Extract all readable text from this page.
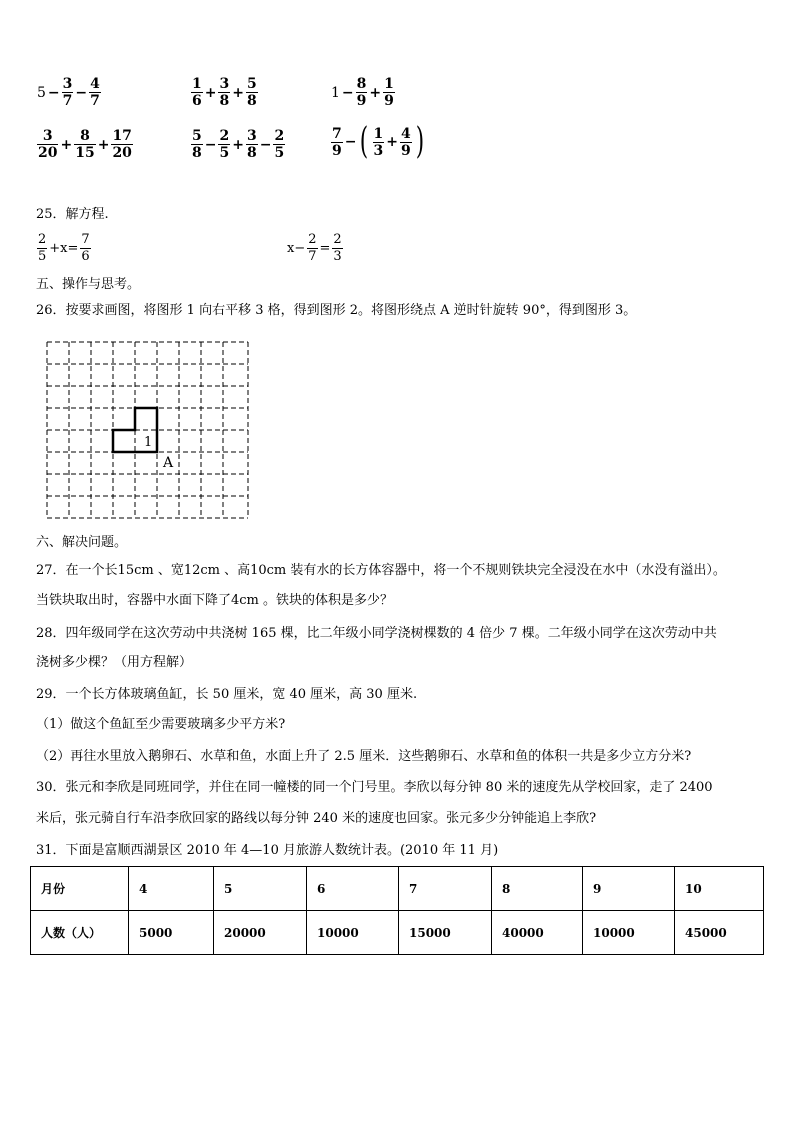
$5 - \frac{3}{7} - \frac{4}{7}$	$\frac{1}{6} + \frac{3}{8} + \frac{5}{8}$	$1 - \frac{8}{9} + \frac{1}{9}$
$\frac{3}{20} + \frac{8}{15} + \frac{17}{20}$	$\frac{5}{8} - \frac{2}{5} + \frac{3}{8} - \frac{2}{5}$	$\frac{7}{9}$ − ( $\frac{1}{3} + \frac{4}{9}$ )
25．解方程.
$\frac{2}{5} +x= \frac{7}{6}$	$x- \frac{2}{7} = \frac{2}{3}$
五、操作与思考。
26．按要求画图，将图形 1 向右平移 3 格，得到图形 2。将图形绕点 A 逆时针旋转 90°，得到图形 3。
1
A
六、解决问题。
27．在一个长15cm 、宽12cm 、高10cm 装有水的长方体容器中，将一个不规则铁块完全浸没在水中（水没有溢出）。
当铁块取出时，容器中水面下降了4cm 。铁块的体积是多少？
28．四年级同学在这次劳动中共浇树 165 棵，比二年级小同学浇树棵数的 4 倍少 7 棵。二年级小同学在这次劳动中共
浇树多少棵？（用方程解）
29．一个长方体玻璃鱼缸，长 50 厘米，宽 40 厘米，高 30 厘米.
（1）做这个鱼缸至少需要玻璃多少平方米?
（2）再往水里放入鹅卵石、水草和鱼，水面上升了 2.5 厘米．这些鹅卵石、水草和鱼的体积一共是多少立方分米?
30．张元和李欣是同班同学，并住在同一幢楼的同一个门号里。李欣以每分钟 80 米的速度先从学校回家，走了 2400
米后，张元骑自行车沿李欣回家的路线以每分钟 240 米的速度也回家。张元多少分钟能追上李欣?
31．下面是富顺西湖景区 2010 年 4—10 月旅游人数统计表。(2010 年 11 月)
月份	4	5	6	7	8	9	10
人数（人）	5000	20000	10000	15000	40000	10000	45000
